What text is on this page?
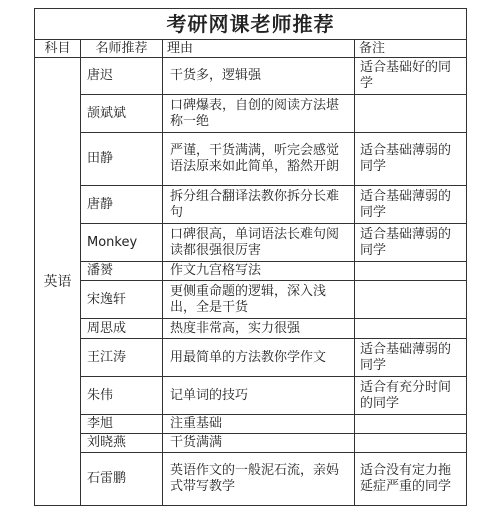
考研网课老师推荐			
科目	名师推荐	理由	备注
英语	唐迟	干货多，逻辑强	适合基础好的同学
	颉斌斌	口碑爆表，自创的阅读方法堪称一绝	
	田静	严谨，干货满满，听完会感觉语法原来如此简单，豁然开朗	适合基础薄弱的同学
	唐静	拆分组合翻译法教你拆分长难句	适合基础薄弱的同学
	Monkey	口碑很高，单词语法长难句阅读都很强很厉害	适合基础薄弱的同学
	潘赟	作文九宫格写法	
	宋逸轩	更侧重命题的逻辑，深入浅出，全是干货	
	周思成	热度非常高，实力很强	
	王江涛	用最简单的方法教你学作文	适合基础薄弱的同学
	朱伟	记单词的技巧	适合有充分时间的同学
	李旭	注重基础	
	刘晓燕	干货满满	
	石雷鹏	英语作文的一般泥石流，亲妈式带写教学	适合没有定力拖延症严重的同学
